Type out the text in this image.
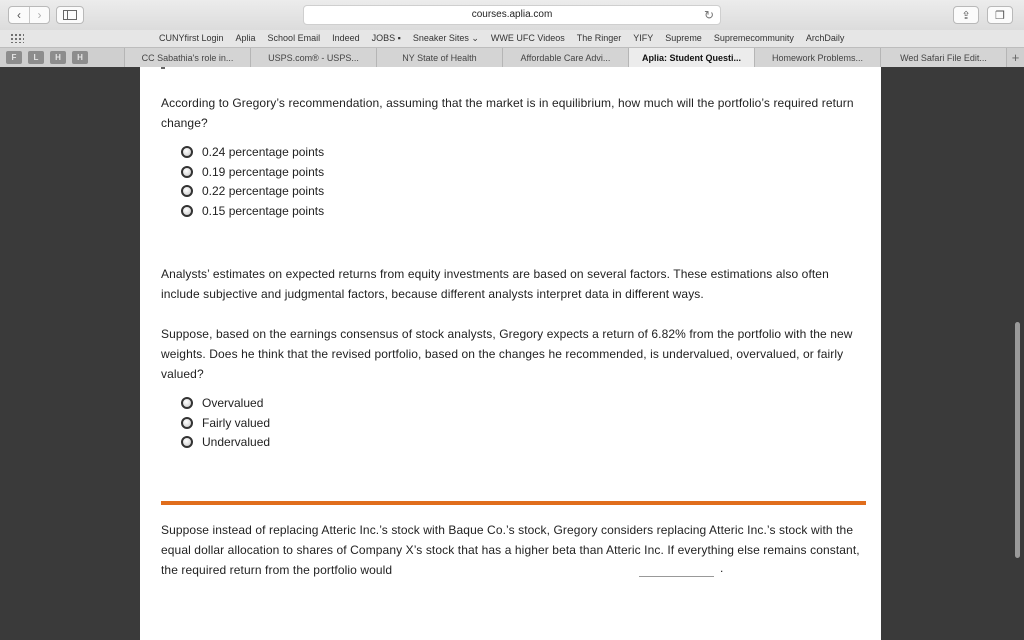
‹ ›	courses.aplia.com	↻	⇪ ❐
CUNYfirst Login Aplia School Email Indeed JOBS ▪ Sneaker Sites ⌄ WWE UFC Videos The Ringer YIFY Supreme Supremecommunity ArchDaily
F	L	H	H	CC Sabathia's role in...	USPS.com® - USPS...	NY State of Health	Affordable Care Advi...	Aplia: Student Questi...	Homework Problems...	Wed Safari File Edit...	+
According to Gregory’s recommendation, assuming that the market is in equilibrium, how much will the portfolio’s required return change?
0.24 percentage points
0.19 percentage points
0.22 percentage points
0.15 percentage points
Analysts’ estimates on expected returns from equity investments are based on several factors. These estimations also often include subjective and judgmental factors, because different analysts interpret data in different ways.
Suppose, based on the earnings consensus of stock analysts, Gregory expects a return of 6.82% from the portfolio with the new weights. Does he think that the revised portfolio, based on the changes he recommended, is undervalued, overvalued, or fairly valued?
Overvalued
Fairly valued
Undervalued
Suppose instead of replacing Atteric Inc.’s stock with Baque Co.’s stock, Gregory considers replacing Atteric Inc.’s stock with the equal dollar allocation to shares of Company X’s stock that has a higher beta than Atteric Inc. If everything else remains constant, the required return from the portfolio would	.
